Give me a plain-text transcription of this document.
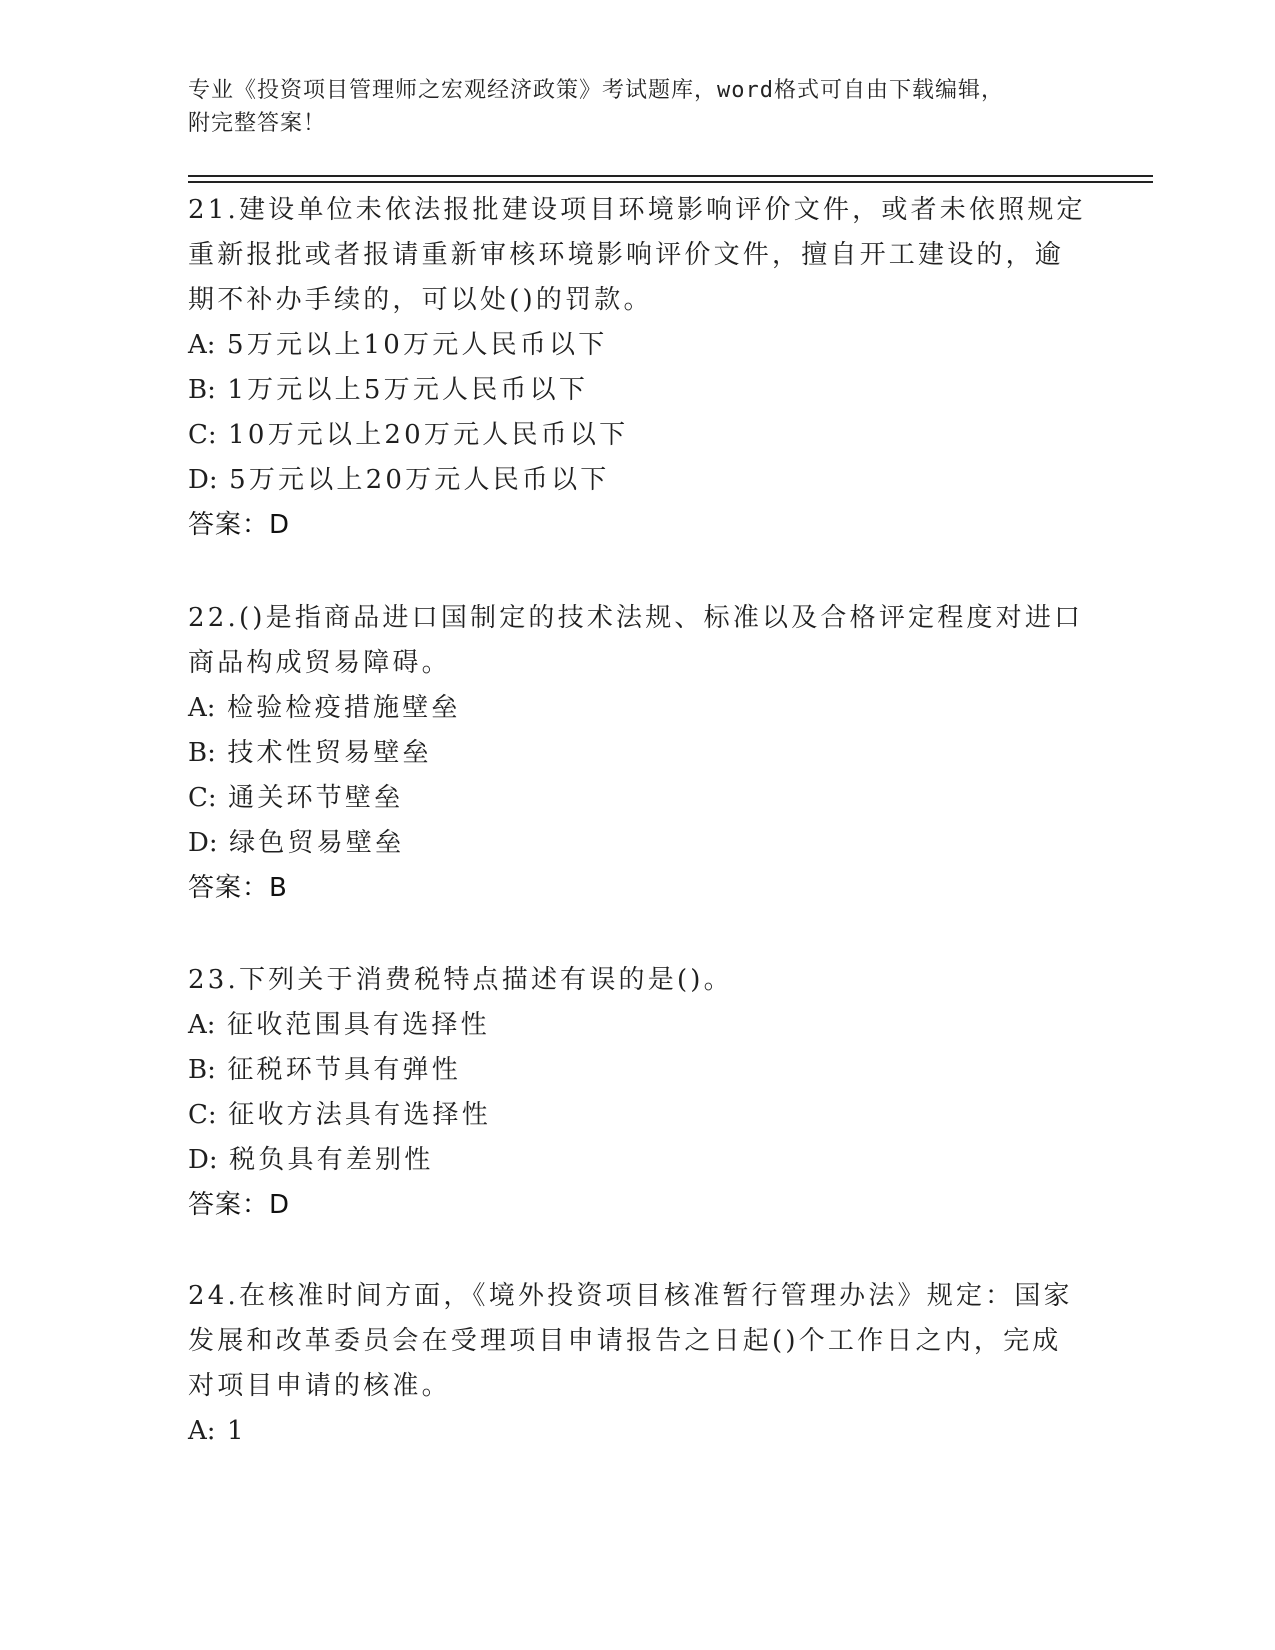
专业《投资项目管理师之宏观经济政策》考试题库，word格式可自由下载编辑，
附完整答案！
21.建设单位未依法报批建设项目环境影响评价文件，或者未依照规定
重新报批或者报请重新审核环境影响评价文件，擅自开工建设的，逾
期不补办手续的，可以处()的罚款。
A: 5万元以上10万元人民币以下
B: 1万元以上5万元人民币以下
C: 10万元以上20万元人民币以下
D: 5万元以上20万元人民币以下
答案：D
22.()是指商品进口国制定的技术法规、标准以及合格评定程度对进口
商品构成贸易障碍。
A: 检验检疫措施壁垒
B: 技术性贸易壁垒
C: 通关环节壁垒
D: 绿色贸易壁垒
答案：B
23.下列关于消费税特点描述有误的是()。
A: 征收范围具有选择性
B: 征税环节具有弹性
C: 征收方法具有选择性
D: 税负具有差别性
答案：D
24.在核准时间方面，《境外投资项目核准暂行管理办法》规定：国家
发展和改革委员会在受理项目申请报告之日起()个工作日之内，完成
对项目申请的核准。
A: 1
